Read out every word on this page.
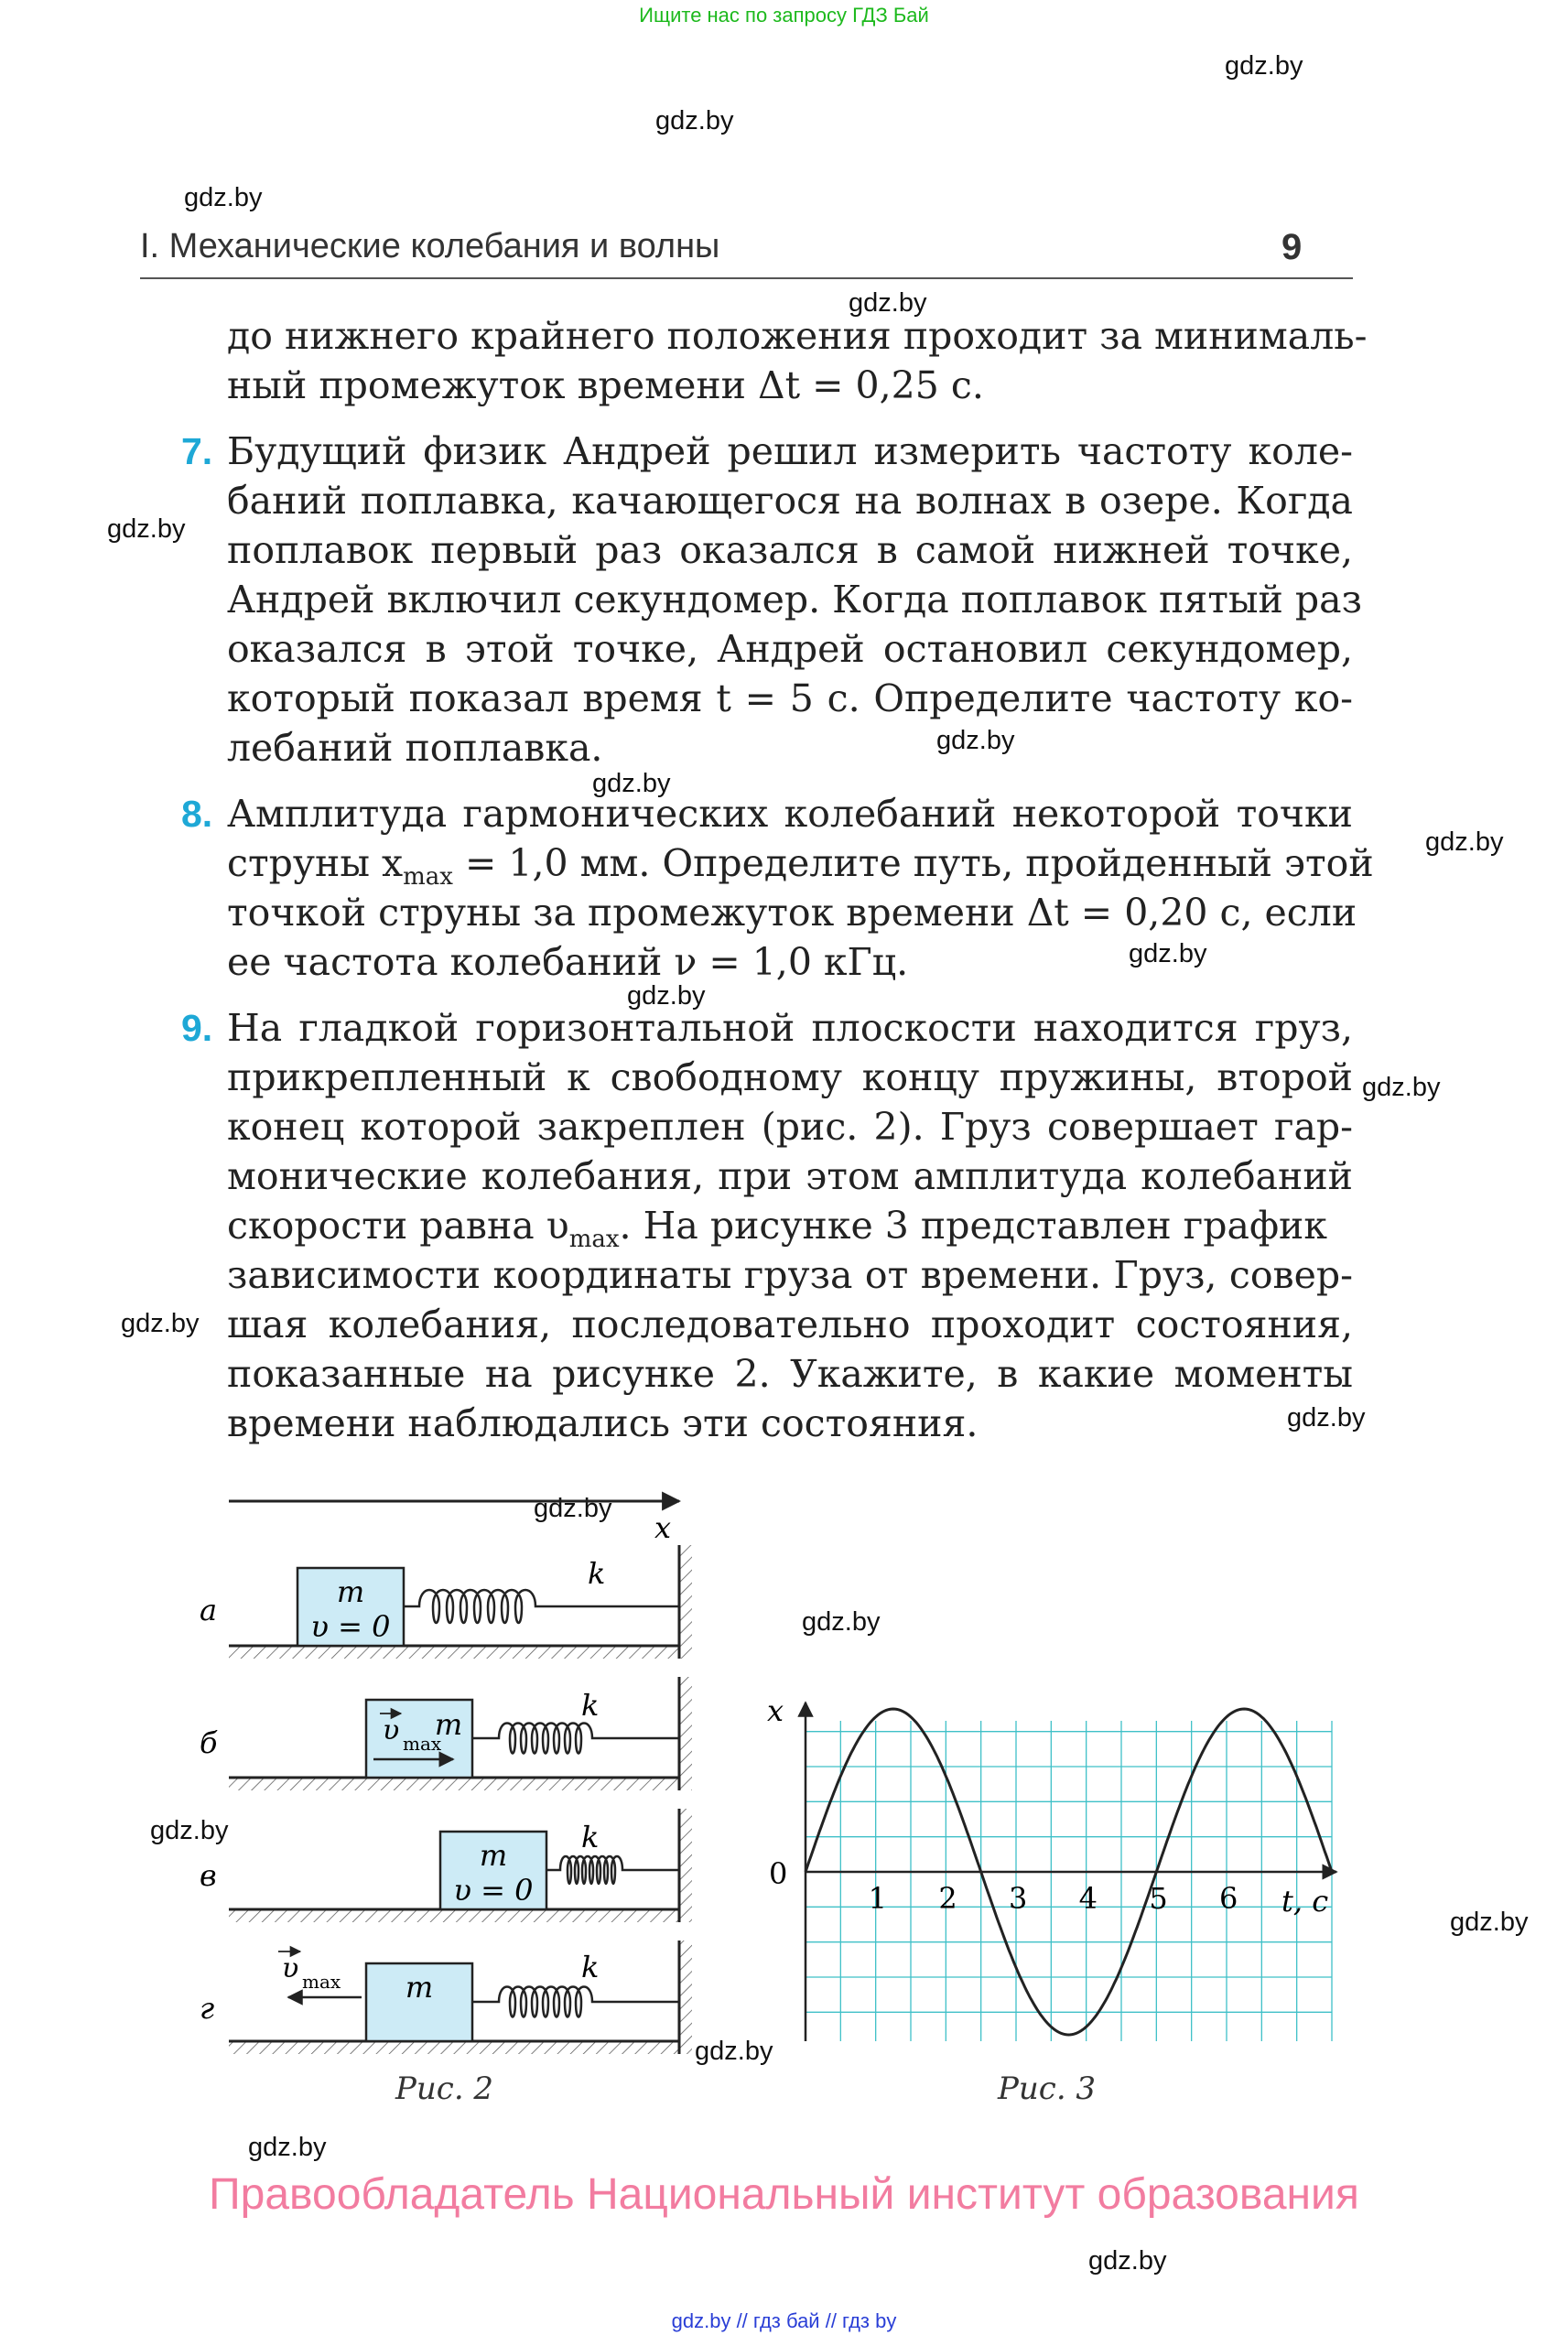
Ищите нас по запросу ГДЗ Бай
gdz.by
gdz.by
gdz.by
gdz.by
gdz.by
gdz.by
gdz.by
gdz.by
gdz.by
gdz.by
gdz.by
gdz.by
gdz.by
gdz.by
gdz.by
gdz.by
gdz.by
gdz.by
gdz.by
gdz.by
I. Механические колебания и волны	9
до нижнего крайнего положения проходит за минималь-
ный промежуток времени Δt = 0,25 с.
7. Будущий физик Андрей решил измерить частоту коле-
баний поплавка, качающегося на волнах в озере. Когда
поплавок первый раз оказался в самой нижней точке,
Андрей включил секундомер. Когда поплавок пятый раз
оказался в этой точке, Андрей остановил секундомер,
который показал время t = 5 с. Определите частоту ко-
лебаний поплавка.
8. Амплитуда гармонических колебаний некоторой точки
струны $x_{max} = 1,0$ мм. Определите путь, пройденный этой
точкой струны за промежуток времени Δt = 0,20 с, если
ее частота колебаний ν = 1,0 кГц.
9. На гладкой горизонтальной плоскости находится груз,
прикрепленный к свободному концу пружины, второй
конец которой закреплен (рис. 2). Груз совершает гар-
монические колебания, при этом амплитуда колебаний
скорости равна $\upsilon_{max}$. На рисунке 3 представлен график
зависимости координаты груза от времени. Груз, совер-
шая колебания, последовательно проходит состояния,
показанные на рисунке 2. Укажите, в какие моменты
времени наблюдались эти состояния.
x
а
m
υ = 0
k
б
m
υ max
k
в
m
υ = 0
k
г
m
υ max	k
Рис. 2
1 2 3 4 5 6
x
0
t, с
Рис. 3
Правообладатель Национальный институт образования
gdz.by // гдз бай // гдз by
